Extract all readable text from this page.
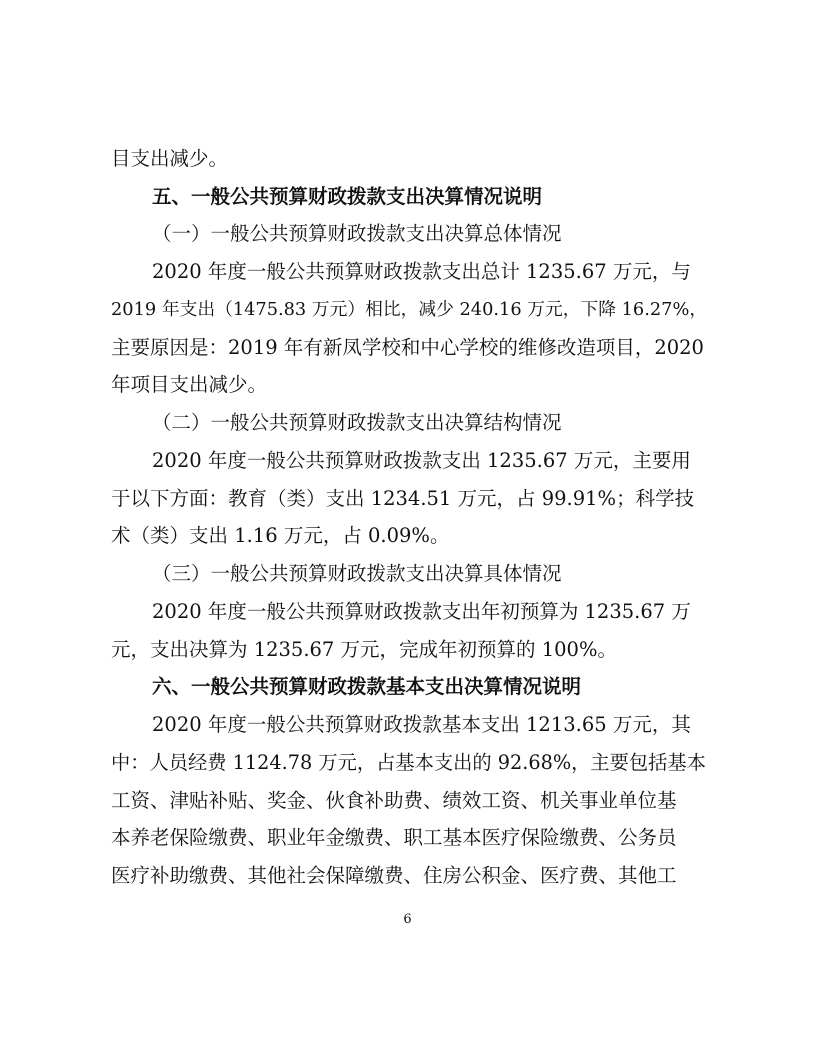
目支出减少。
五、一般公共预算财政拨款支出决算情况说明
（一）一般公共预算财政拨款支出决算总体情况
2020 年度一般公共预算财政拨款支出总计 1235.67 万元，与
2019 年支出（1475.83 万元）相比，减少 240.16 万元，下降 16.27%，
主要原因是：2019 年有新凤学校和中心学校的维修改造项目，2020
年项目支出减少。
（二）一般公共预算财政拨款支出决算结构情况
2020 年度一般公共预算财政拨款支出 1235.67 万元，主要用
于以下方面：教育（类）支出 1234.51 万元，占 99.91%；科学技
术（类）支出 1.16 万元，占 0.09%。
（三）一般公共预算财政拨款支出决算具体情况
2020 年度一般公共预算财政拨款支出年初预算为 1235.67 万
元，支出决算为 1235.67 万元，完成年初预算的 100%。
六、一般公共预算财政拨款基本支出决算情况说明
2020 年度一般公共预算财政拨款基本支出 1213.65 万元，其
中：人员经费 1124.78 万元，占基本支出的 92.68%，主要包括基本
工资、津贴补贴、奖金、伙食补助费、绩效工资、机关事业单位基
本养老保险缴费、职业年金缴费、职工基本医疗保险缴费、公务员
医疗补助缴费、其他社会保障缴费、住房公积金、医疗费、其他工
6
